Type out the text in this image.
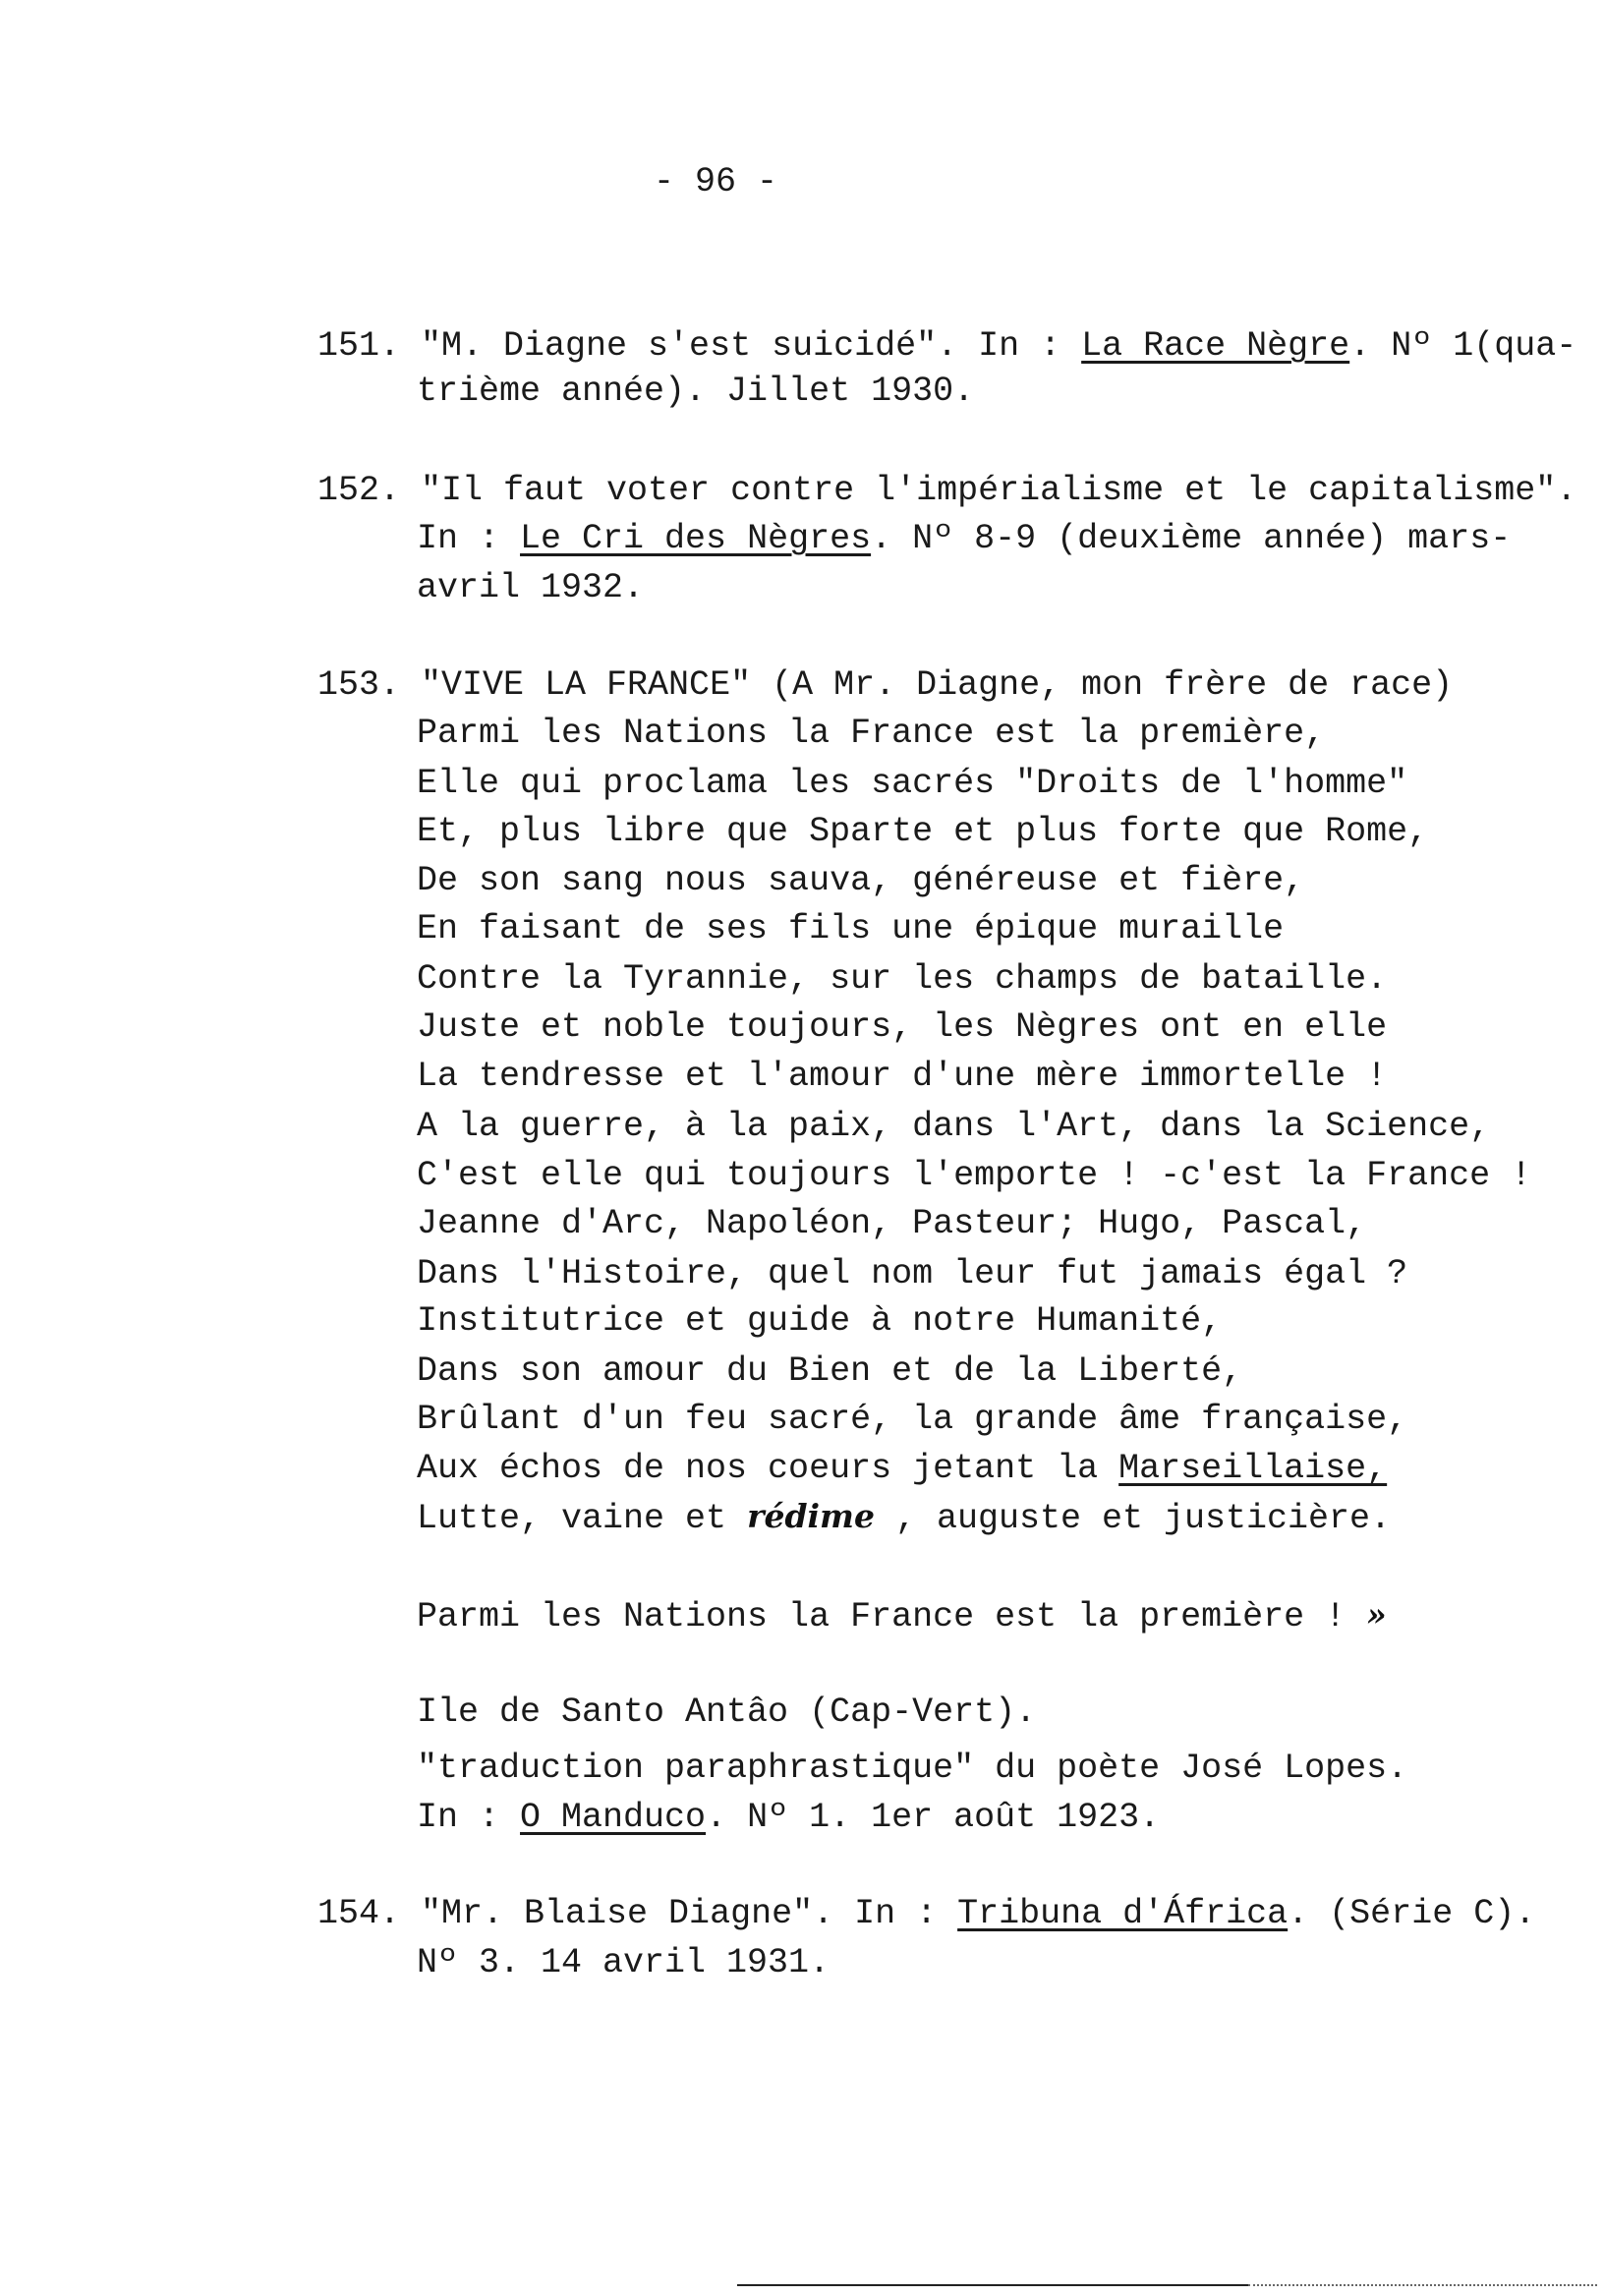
- 96 -
151. "M. Diagne s'est suicidé". In : La Race Nègre. Nº 1(qua-
trième année). Jillet 1930.
152. "Il faut voter contre l'impérialisme et le capitalisme".
In : Le Cri des Nègres. Nº 8-9 (deuxième année) mars-
avril 1932.
153. "VIVE LA FRANCE" (A Mr. Diagne, mon frère de race)
Parmi les Nations la France est la première,
Elle qui proclama les sacrés "Droits de l'homme"
Et, plus libre que Sparte et plus forte que Rome,
De son sang nous sauva, généreuse et fière,
En faisant de ses fils une épique muraille
Contre la Tyrannie, sur les champs de bataille.
Juste et noble toujours, les Nègres ont en elle
La tendresse et l'amour d'une mère immortelle !
A la guerre, à la paix, dans l'Art, dans la Science,
C'est elle qui toujours l'emporte ! -c'est la France !
Jeanne d'Arc, Napoléon, Pasteur; Hugo, Pascal,
Dans l'Histoire, quel nom leur fut jamais égal ?
Institutrice et guide à notre Humanité,
Dans son amour du Bien et de la Liberté,
Brûlant d'un feu sacré, la grande âme française,
Aux échos de nos coeurs jetant la Marseillaise,
Lutte, vaine et rédime , auguste et justicière.
Parmi les Nations la France est la première ! »
Ile de Santo Antâo (Cap-Vert).
"traduction paraphrastique" du poète José Lopes.
In : O Manduco. Nº 1. 1er août 1923.
154. "Mr. Blaise Diagne". In : Tribuna d'África. (Série C).
Nº 3. 14 avril 1931.
